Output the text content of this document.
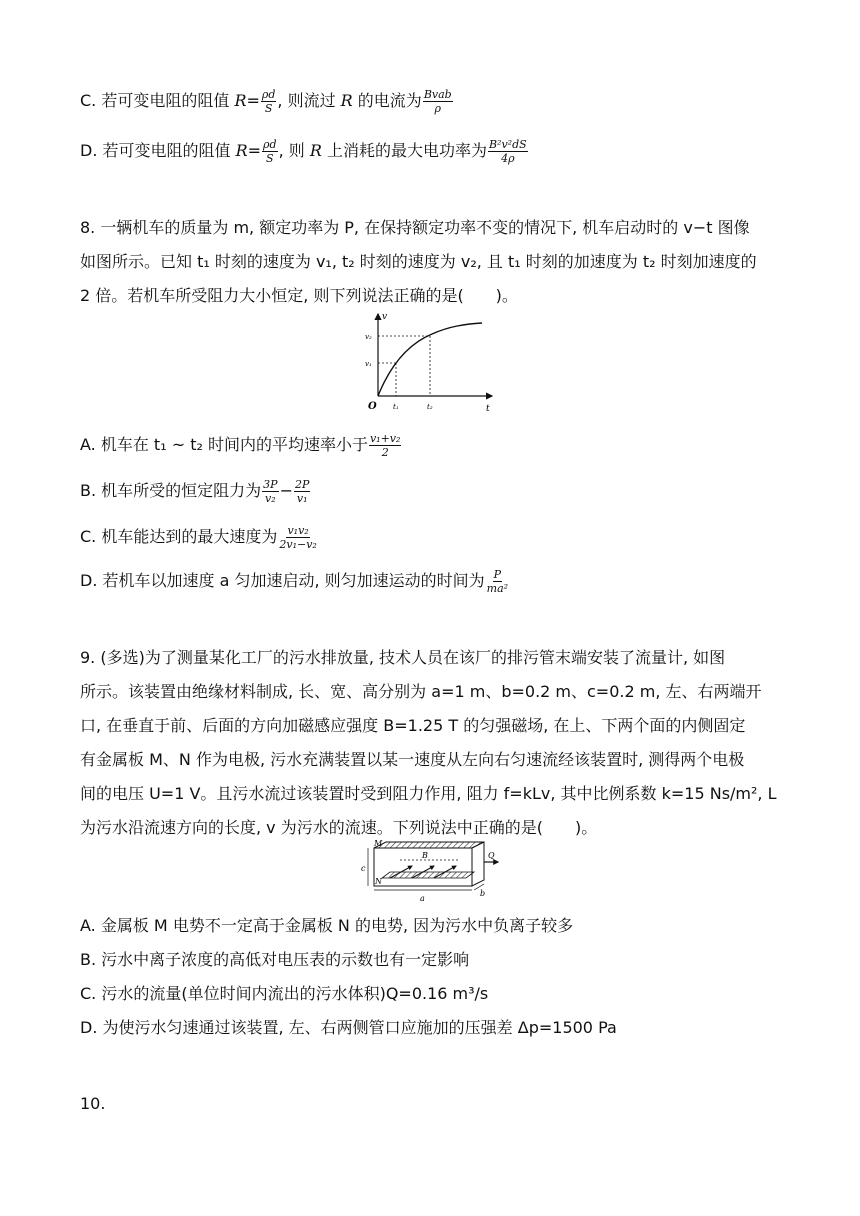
C. 若可变电阻的阻值 $R= \frac{\rho d}{S}$ , 则流过 R 的电流为 $\frac{\text{Bvab}}{\rho}$
D. 若可变电阻的阻值 $R= \frac{\rho d}{S}$ , 则 R 上消耗的最大电功率为 $\frac{\text{B²v²dS}}{4\rho}$
8. 一辆机车的质量为 m, 额定功率为 P, 在保持额定功率不变的情况下, 机车启动时的 v−t 图像
如图所示。已知 t₁ 时刻的速度为 v₁, t₂ 时刻的速度为 v₂, 且 t₁ 时刻的加速度为 t₂ 时刻加速度的
2 倍。若机车所受阻力大小恒定, 则下列说法正确的是(　　)。
v
t
O
v₂
v₁
t₁	t₂
A. 机车在 t₁ ~ t₂ 时间内的平均速率小于 $\frac{\text{v₁+v₂}}{2}$
B. 机车所受的恒定阻力为 $\frac{3P}{\text{v₂}} - \frac{2P}{\text{v₁}}$
C. 机车能达到的最大速度为 $\frac{\text{v₁v₂}}{\text{2v₁−v₂}}$
D. 若机车以加速度 a 匀加速启动, 则匀加速运动的时间为 $\frac{P}{\text{ma²}}$
9. (多选)为了测量某化工厂的污水排放量, 技术人员在该厂的排污管末端安装了流量计, 如图
所示。该装置由绝缘材料制成, 长、宽、高分别为 a=1 m、b=0.2 m、c=0.2 m, 左、右两端开
口, 在垂直于前、后面的方向加磁感应强度 B=1.25 T 的匀强磁场, 在上、下两个面的内侧固定
有金属板 M、N 作为电极, 污水充满装置以某一速度从左向右匀速流经该装置时, 测得两个电极
间的电压 U=1 V。且污水流过该装置时受到阻力作用, 阻力 f=kLv, 其中比例系数 k=15 Ns/m², L
为污水沿流速方向的长度, v 为污水的流速。下列说法中正确的是(　　)。
M
N
B	Q
a
b
c
A. 金属板 M 电势不一定高于金属板 N 的电势, 因为污水中负离子较多
B. 污水中离子浓度的高低对电压表的示数也有一定影响
C. 污水的流量(单位时间内流出的污水体积)Q=0.16 m³/s
D. 为使污水匀速通过该装置, 左、右两侧管口应施加的压强差 Δp=1500 Pa
10.
